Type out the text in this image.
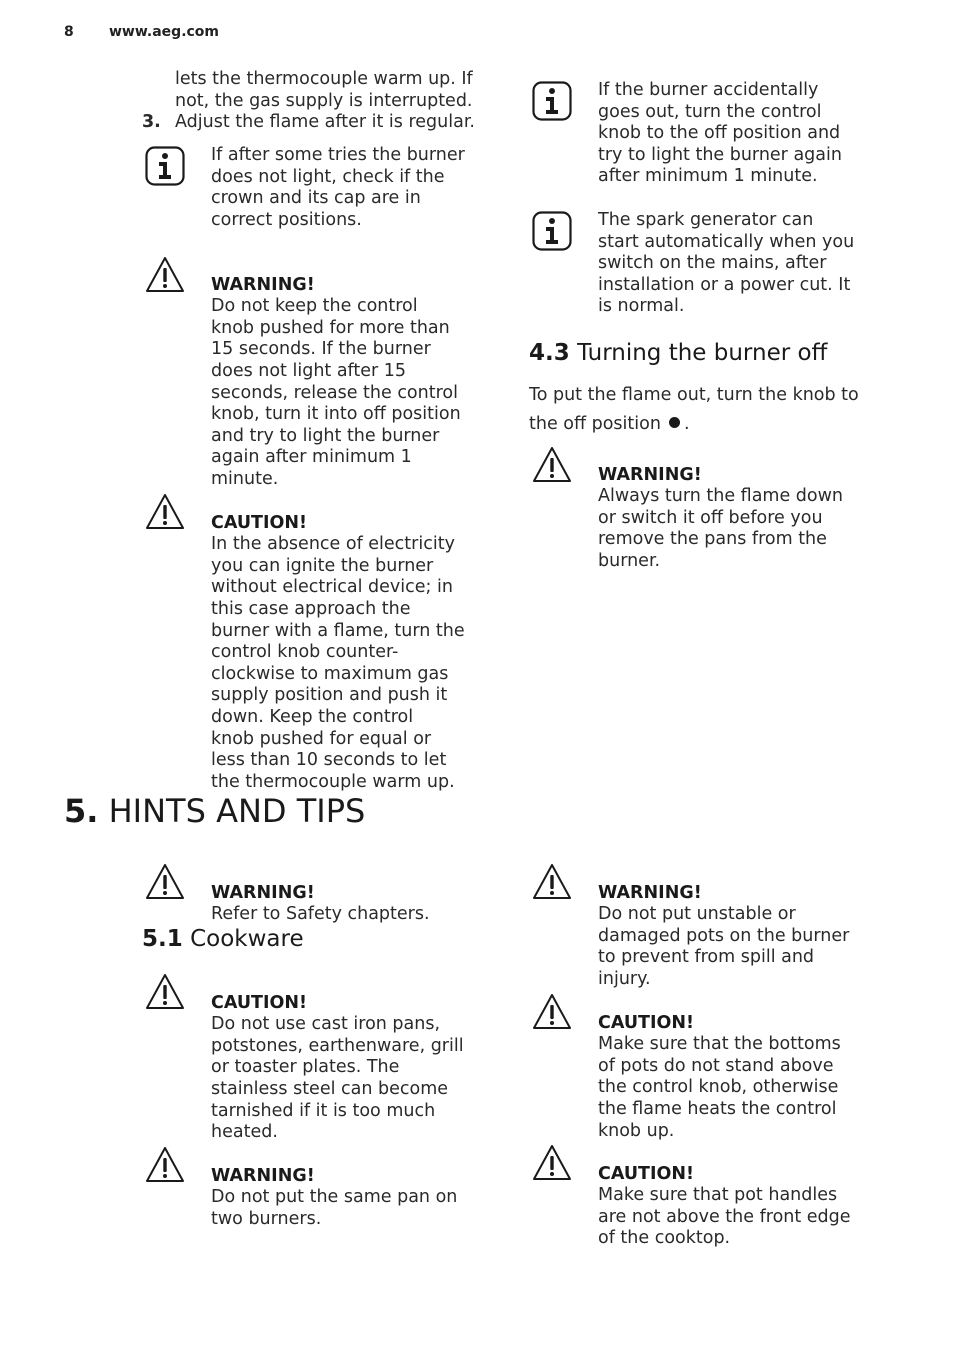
8	www.aeg.com
lets the thermocouple warm up. If
not, the gas supply is interrupted.
3. Adjust the flame after it is regular.
If after some tries the burner
does not light, check if the
crown and its cap are in
correct positions.

WARNING!
Do not keep the control
knob pushed for more than
15 seconds. If the burner
does not light after 15
seconds, release the control
knob, turn it into off position
and try to light the burner
again after minimum 1
minute.

CAUTION!
In the absence of electricity
you can ignite the burner
without electrical device; in
this case approach the
burner with a flame, turn the
control knob counter-
clockwise to maximum gas
supply position and push it
down. Keep the control
knob pushed for equal or
less than 10 seconds to let
the thermocouple warm up.

If the burner accidentally
goes out, turn the control
knob to the off position and
try to light the burner again
after minimum 1 minute.
The spark generator can
start automatically when you
switch on the mains, after
installation or a power cut. It
is normal.
4.3 Turning the burner off
To put the flame out, turn the knob to
the off position .

WARNING!
Always turn the flame down
or switch it off before you
remove the pans from the
burner.

5. HINTS AND TIPS

WARNING!
Refer to Safety chapters.

5.1 Cookware

CAUTION!
Do not use cast iron pans,
potstones, earthenware, grill
or toaster plates. The
stainless steel can become
tarnished if it is too much
heated.

WARNING!
Do not put the same pan on
two burners.

WARNING!
Do not put unstable or
damaged pots on the burner
to prevent from spill and
injury.

CAUTION!
Make sure that the bottoms
of pots do not stand above
the control knob, otherwise
the flame heats the control
knob up.

CAUTION!
Make sure that pot handles
are not above the front edge
of the cooktop.
